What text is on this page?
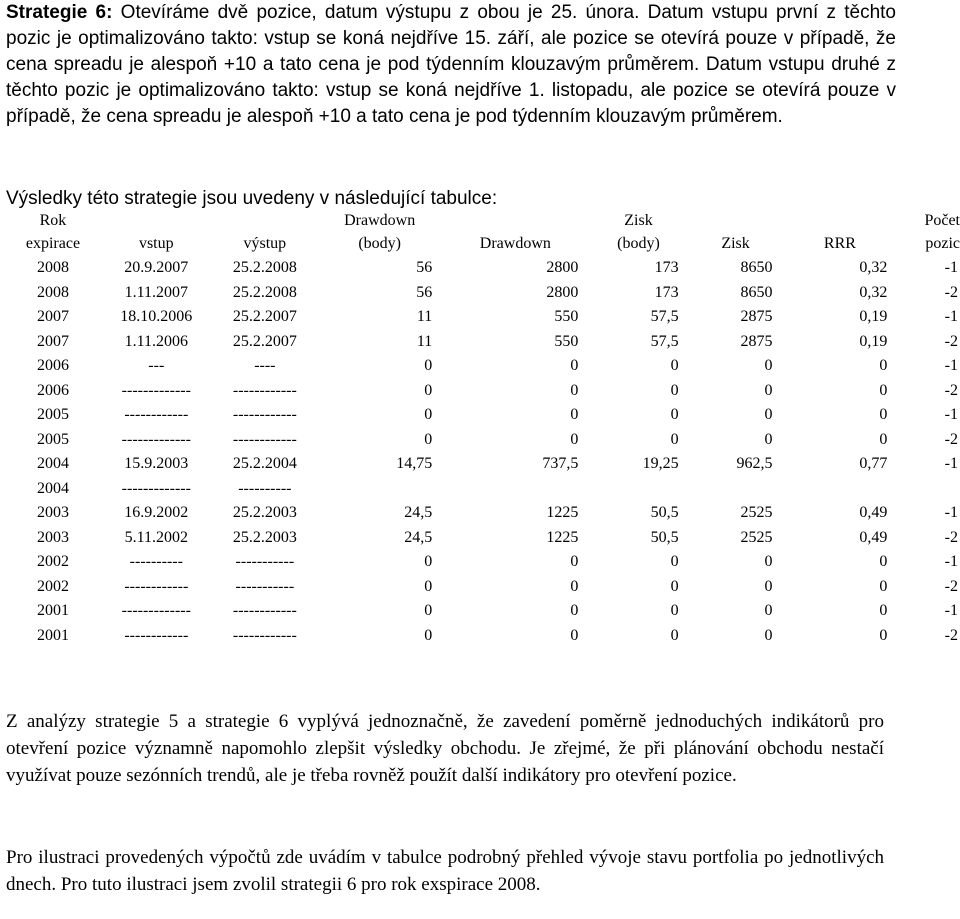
Strategie 6: Otevíráme dvě pozice, datum výstupu z obou je 25. února. Datum vstupu první z těchto pozic je optimalizováno takto: vstup se koná nejdříve 15. září, ale pozice se otevírá pouze v případě, že cena spreadu je alespoň +10 a tato cena je pod týdenním klouzavým průměrem. Datum vstupu druhé z těchto pozic je optimalizováno takto: vstup se koná nejdříve 1. listopadu, ale pozice se otevírá pouze v případě, že cena spreadu je alespoň +10 a tato cena je pod týdenním klouzavým průměrem.
Výsledky této strategie jsou uvedeny v následující tabulce:
Rok			Drawdown		Zisk			Počet
expirace	vstup	výstup	(body)	Drawdown	(body)	Zisk	RRR	pozic
2008	20.9.2007	25.2.2008	56	2800	173	8650	0,32	-1
2008	1.11.2007	25.2.2008	56	2800	173	8650	0,32	-2
2007	18.10.2006	25.2.2007	11	550	57,5	2875	0,19	-1
2007	1.11.2006	25.2.2007	11	550	57,5	2875	0,19	-2
2006	---	----	0	0	0	0	0	-1
2006	-------------	------------	0	0	0	0	0	-2
2005	------------	------------	0	0	0	0	0	-1
2005	-------------	------------	0	0	0	0	0	-2
2004	15.9.2003	25.2.2004	14,75	737,5	19,25	962,5	0,77	-1
2004	-------------	----------						
2003	16.9.2002	25.2.2003	24,5	1225	50,5	2525	0,49	-1
2003	5.11.2002	25.2.2003	24,5	1225	50,5	2525	0,49	-2
2002	----------	-----------	0	0	0	0	0	-1
2002	------------	-----------	0	0	0	0	0	-2
2001	-------------	------------	0	0	0	0	0	-1
2001	------------	------------	0	0	0	0	0	-2
Z analýzy strategie 5 a strategie 6 vyplývá jednoznačně, že zavedení poměrně jednoduchých indikátorů pro otevření pozice významně napomohlo zlepšit výsledky obchodu. Je zřejmé, že při plánování obchodu nestačí využívat pouze sezónních trendů, ale je třeba rovněž použít další indikátory pro otevření pozice.
Pro ilustraci provedených výpočtů zde uvádím v tabulce podrobný přehled vývoje stavu portfolia po jednotlivých dnech. Pro tuto ilustraci jsem zvolil strategii 6 pro rok exspirace 2008.
